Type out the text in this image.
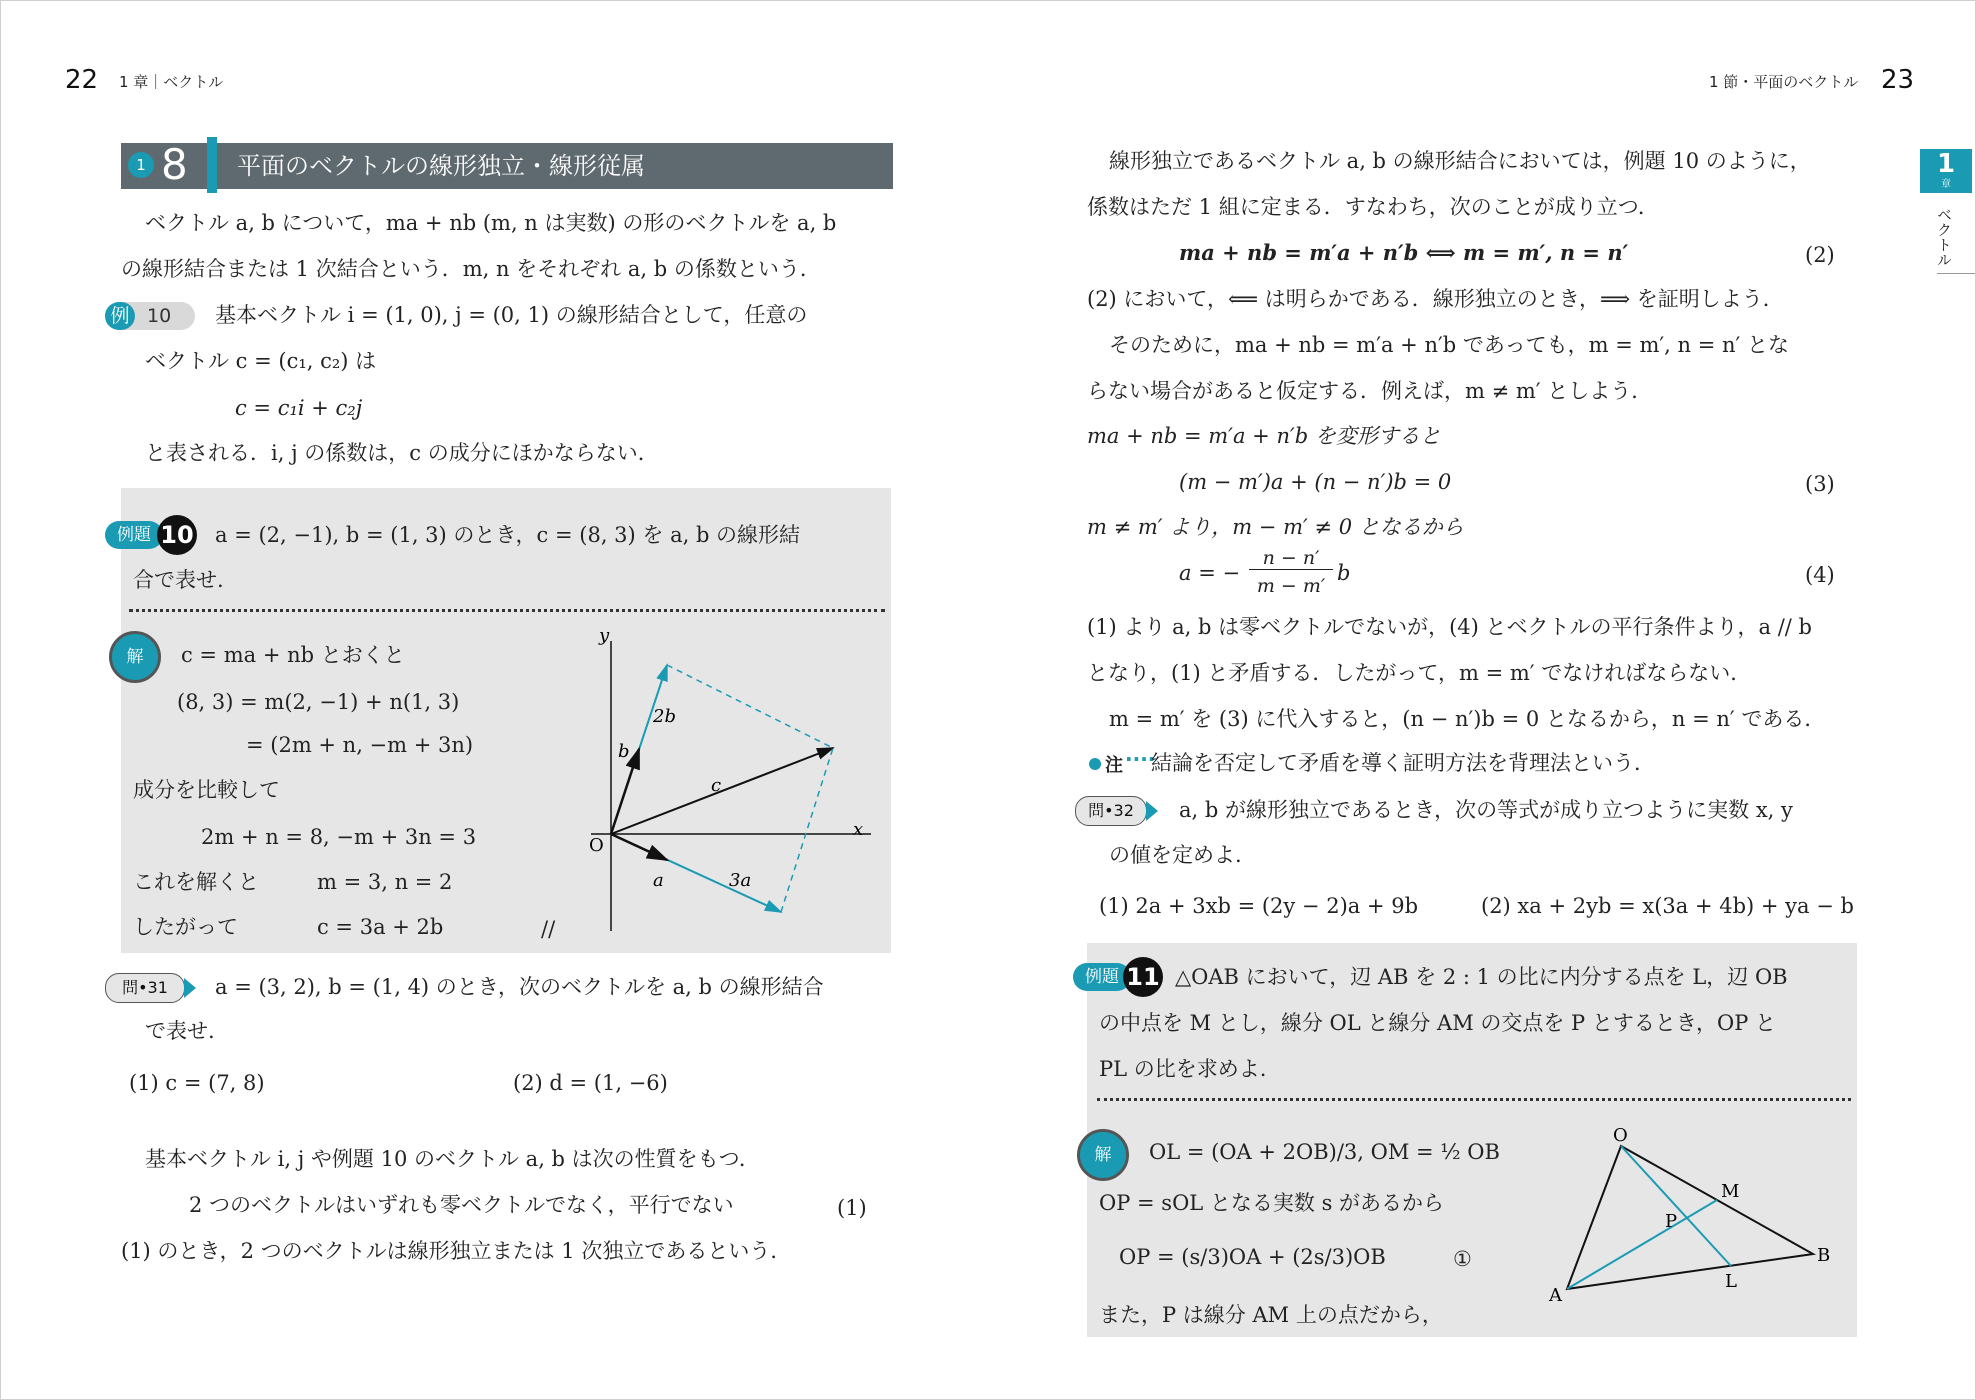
22 1 章｜ベクトル
1 8 平面のベクトルの線形独立・線形従属
ベクトル a, b について，ma + nb (m, n は実数) の形のベクトルを a, b
の線形結合または 1 次結合という．m, n をそれぞれ a, b の係数という．
例 10	基本ベクトル i = (1, 0), j = (0, 1) の線形結合として，任意の
ベクトル c = (c₁, c₂) は
c = c₁i + c₂j
と表される．i, j の係数は，c の成分にほかならない．
例題 10 a = (2, −1), b = (1, 3) のとき，c = (8, 3) を a, b の線形結
合で表せ.
解	c = ma + nb とおくと
(8, 3) = m(2, −1) + n(1, 3)
= (2m + n, −m + 3n)
成分を比較して
2m + n = 8, −m + 3n = 3
これを解くと	m = 3, n = 2
したがって	c = 3a + 2b	//
y
x
O
b
2b
c
a	3a
問•31	a = (3, 2), b = (1, 4) のとき，次のベクトルを a, b の線形結合
で表せ.
(1) c = (7, 8)	(2) d = (1, −6)
基本ベクトル i, j や例題 10 のベクトル a, b は次の性質をもつ．
2 つのベクトルはいずれも零ベクトルでなく，平行でない	(1)
(1) のとき，2 つのベクトルは線形独立または 1 次独立であるという．
1 節・平面のベクトル 23
1
章
ベクトル
線形独立であるベクトル a, b の線形結合においては，例題 10 のように，
係数はただ 1 組に定まる．すなわち，次のことが成り立つ．
ma + nb = m′a + n′b ⟺ m = m′, n = n′	(2)
(2) において，⟸ は明らかである．線形独立のとき，⟹ を証明しよう．
そのために，ma + nb = m′a + n′b であっても，m = m′, n = n′ とな
らない場合があると仮定する．例えば，m ≠ m′ としよう．
ma + nb = m′a + n′b を変形すると
(m − m′)a + (n − n′)b = 0	(3)
m ≠ m′ より，m − m′ ≠ 0 となるから
a = −
n − n′
m − m′
b	(4)
(1) より a, b は零ベクトルでないが，(4) とベクトルの平行条件より，a // b
となり，(1) と矛盾する．したがって，m = m′ でなければならない．
m = m′ を (3) に代入すると，(n − n′)b = 0 となるから，n = n′ である．
注 ····
結論を否定して矛盾を導く証明方法を背理法という．
問•32	a, b が線形独立であるとき，次の等式が成り立つように実数 x, y
の値を定めよ.
(1) 2a + 3xb = (2y − 2)a + 9b	(2) xa + 2yb = x(3a + 4b) + ya − b
例題 11 △OAB において，辺 AB を 2 : 1 の比に内分する点を L，辺 OB
の中点を M とし，線分 OL と線分 AM の交点を P とするとき，OP と
PL の比を求めよ.
解	OL = (OA + 2OB)/3, OM = ½ OB
OP = sOL となる実数 s があるから
OP = (s/3)OA + (2s/3)OB	①
また，P は線分 AM 上の点だから，
O
M
P
B
L
A
